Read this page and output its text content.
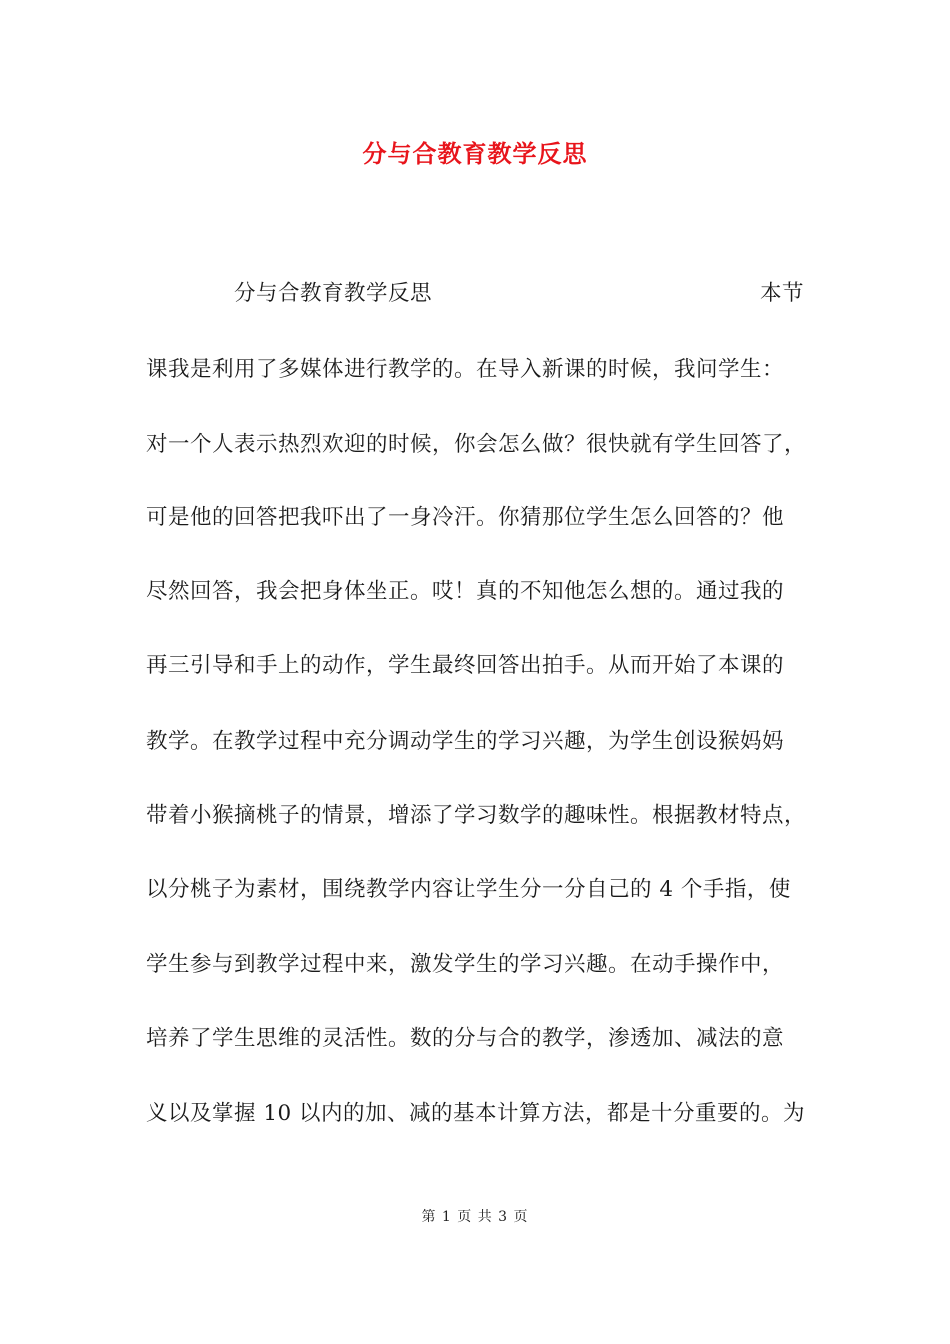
分与合教育教学反思
分与合教育教学反思	本节
课我是利用了多媒体进行教学的。在导入新课的时候，我问学生：
对一个人表示热烈欢迎的时候，你会怎么做？很快就有学生回答了，
可是他的回答把我吓出了一身冷汗。你猜那位学生怎么回答的？他
尽然回答，我会把身体坐正。哎！真的不知他怎么想的。通过我的
再三引导和手上的动作，学生最终回答出拍手。从而开始了本课的
教学。在教学过程中充分调动学生的学习兴趣，为学生创设猴妈妈
带着小猴摘桃子的情景，增添了学习数学的趣味性。根据教材特点，
以分桃子为素材，围绕教学内容让学生分一分自己的 4 个手指，使
学生参与到教学过程中来，激发学生的学习兴趣。在动手操作中，
培养了学生思维的灵活性。数的分与合的教学，渗透加、减法的意
义以及掌握 10 以内的加、减的基本计算方法，都是十分重要的。为
第 1 页 共 3 页
